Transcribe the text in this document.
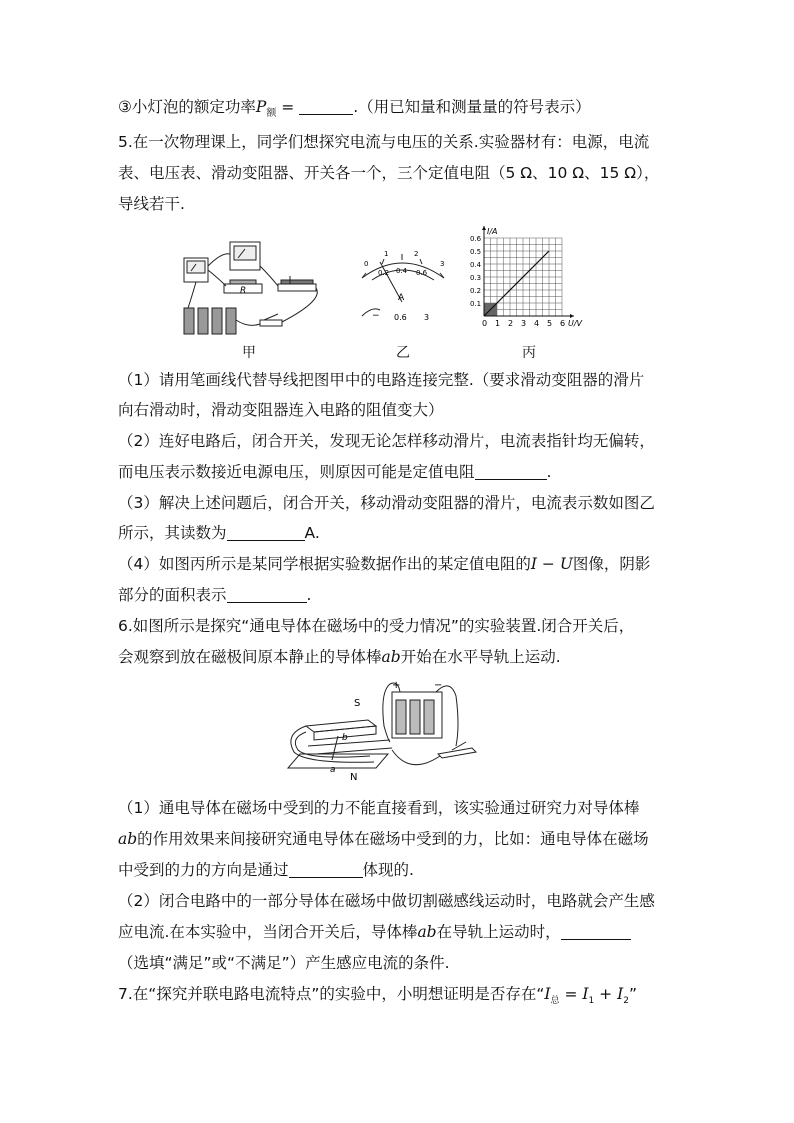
③小灯泡的额定功率$P_额$ =	.（用已知量和测量量的符号表示）
5.在一次物理课上，同学们想探究电流与电压的关系.实验器材有：电源，电流
表、电压表、滑动变阻器、开关各一个，三个定值电阻（5 Ω、10 Ω、15 Ω），
导线若干.
R
0.2 0.4 0.6
0
1	2
3
A
− 0.6 3
0 1 2 3 4 5 6
0.1
0.2
0.3
0.4
0.5
0.6
U/V
I/A
甲	乙	丙
（1）请用笔画线代替导线把图甲中的电路连接完整.（要求滑动变阻器的滑片
向右滑动时，滑动变阻器连入电路的阻值变大）
（2）连好电路后，闭合开关，发现无论怎样移动滑片，电流表指针均无偏转，
而电压表示数接近电源电压，则原因可能是定值电阻	.
（3）解决上述问题后，闭合开关，移动滑动变阻器的滑片，电流表示数如图乙
所示，其读数为	A.
（4）如图丙所示是某同学根据实验数据作出的某定值电阻的I − U图像，阴影
部分的面积表示	.
6.如图所示是探究“通电导体在磁场中的受力情况”的实验装置.闭合开关后，
会观察到放在磁极间原本静止的导体棒ab开始在水平导轨上运动.
S
N
a
b
+	−
（1）通电导体在磁场中受到的力不能直接看到，该实验通过研究力对导体棒
ab的作用效果来间接研究通电导体在磁场中受到的力，比如：通电导体在磁场
中受到的力的方向是通过	体现的.
（2）闭合电路中的一部分导体在磁场中做切割磁感线运动时，电路就会产生感
应电流.在本实验中，当闭合开关后，导体棒ab在导轨上运动时，
（选填“满足”或“不满足”）产生感应电流的条件.
7.在“探究并联电路电流特点”的实验中，小明想证明是否存在“$I_总 = I_1 + I_2$”
